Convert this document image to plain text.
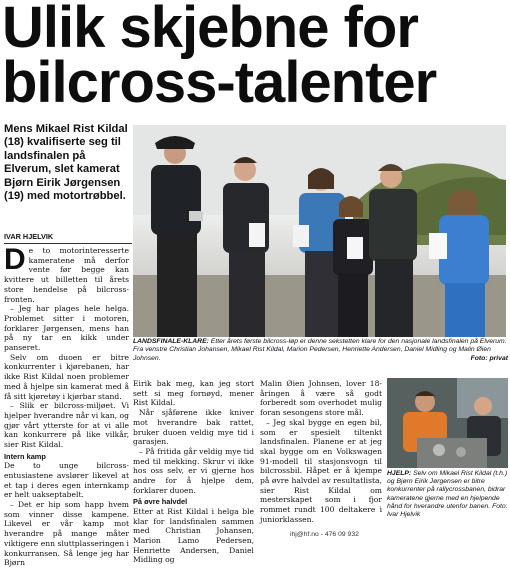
Ulik skjebne for
bilcross-talenter
Mens Mikael Rist Kildal (18) kvalifiserte seg til landsfinalen på Elverum, slet kamerat Bjørn Eirik Jørgensen (19) med motortrøbbel.
IVAR HJELVIK
LANDSFINALE-KLARE: Etter årets første bilcross-løp er denne sekstetten klare for den nasjonale landsfinalen på Elverum. Fra venstre Christian Johansen, Mikael Rist Kildal, Marion Pedersen, Henriette Andersen, Daniel Midling og Malin Øien Johnsen.	Foto: privat

De to motorinteresserte kameratene må derfor vente før begge kan kvittere ut billetten til årets store hendelse på bilcross-fronten.

– Jeg har plages hele helga. Problemet sitter i motoren, forklarer Jørgensen, mens han på ny tar en kikk under panseret.

Selv om duoen er bitre konkurrenter i kjørebanen, har ikke Rist Kildal noen problemer med å hjelpe sin kamerat med å få sitt kjøretøy i kjørbar stand.

– Slik er bilcross-miljøet. Vi hjelper hverandre når vi kan, og gjør vårt ytterste for at vi alle kan konkurrere på like vilkår, sier Rist Kildal.

Intern kamp

De to unge bilcross-entusiastene avslører likevel at et tap i deres egen internkamp er helt uakseptabelt.

– Det er hip som happ hvem som vinner disse kampene. Likevel er vår kamp mot hverandre på mange måter viktigere enn sluttplasseringen i konkurransen. Så lenge jeg har Bjørn

Eirik bak meg, kan jeg stort sett si meg fornøyd, mener Rist Kildal.

Når sjåførene ikke kniver mot hverandre bak rattet, bruker duoen veldig mye tid i garasjen.

– På fritida går veldig mye tid med til mekking. Skrur vi ikke hos oss selv, er vi gjerne hos andre for å hjelpe dem, forklarer duoen.

På øvre halvdel

Etter at Rist Kildal i helga ble klar for landsfinalen sammen med Christian Johansen, Marion Lamo Pedersen, Henriette Andersen, Daniel Midling og

Malin Øien Johnsen, lover 18-åringen å være så godt forberedt som overhodet mulig foran sesongens store mål.

– Jeg skal bygge en egen bil, som er spesielt tiltenkt landsfinalen. Planene er at jeg skal bygge om en Volkswagen 91-modell til stasjonsvogn til bilcrossbil. Håpet er å kjempe på øvre halvdel av resultatlista, sier Rist Kildal om mesterskapet som i fjor rommet rundt 100 deltakere i juniorklassen.

ihj@hf.no - 476 09 932
HJELP: Selv om Mikael Rist Kildal (t.h.) og Bjørn Eirik Jørgensen er bitre konkurrenter på rallycrossbanen, bidrar kameratene gjerne med en hjelpende hånd for hverandre utenfor banen. Foto: Ivar Hjelvik
